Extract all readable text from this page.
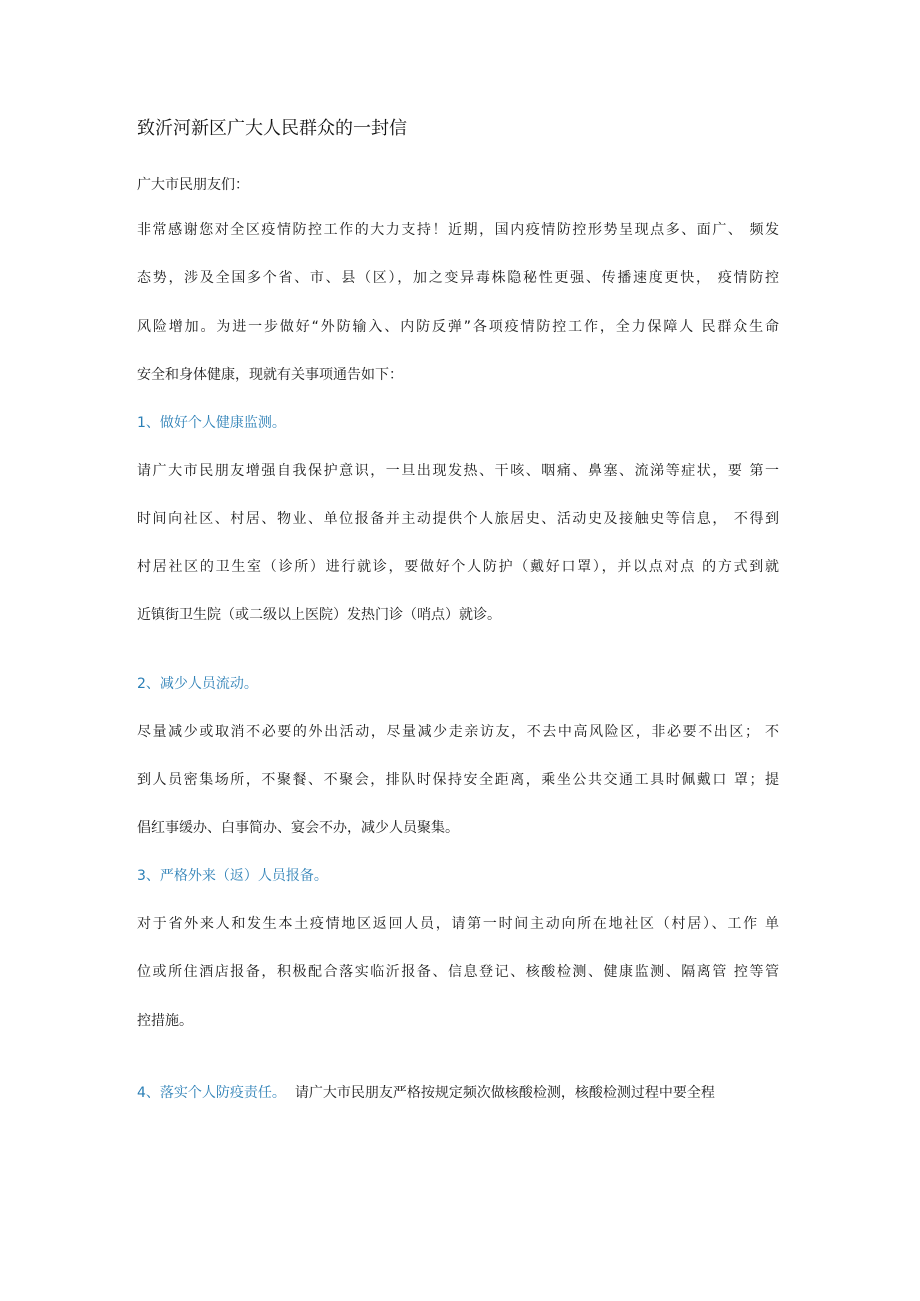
致沂河新区广大人民群众的一封信
广大市民朋友们：
非常感谢您对全区疫情防控工作的大力支持！近期，国内疫情防控形势呈现点多、面广、 频发
态势，涉及全国多个省、市、县（区），加之变异毒株隐秘性更强、传播速度更快， 疫情防控
风险增加。为进一步做好“外防输入、内防反弹”各项疫情防控工作，全力保障人 民群众生命
安全和身体健康，现就有关事项通告如下：
1、做好个人健康监测。
请广大市民朋友增强自我保护意识，一旦出现发热、干咳、咽痛、鼻塞、流涕等症状，要 第一
时间向社区、村居、物业、单位报备并主动提供个人旅居史、活动史及接触史等信息， 不得到
村居社区的卫生室（诊所）进行就诊，要做好个人防护（戴好口罩），并以点对点 的方式到就
近镇街卫生院（或二级以上医院）发热门诊（哨点）就诊。
2、减少人员流动。
尽量减少或取消不必要的外出活动，尽量减少走亲访友，不去中高风险区，非必要不出区； 不
到人员密集场所，不聚餐、不聚会，排队时保持安全距离，乘坐公共交通工具时佩戴口 罩；提
倡红事缓办、白事简办、宴会不办，减少人员聚集。
3、严格外来（返）人员报备。
对于省外来人和发生本土疫情地区返回人员，请第一时间主动向所在地社区（村居）、工作 单
位或所住酒店报备，积极配合落实临沂报备、信息登记、核酸检测、健康监测、隔离管 控等管
控措施。
4、落实个人防疫责任。 请广大市民朋友严格按规定频次做核酸检测，核酸检测过程中要全程
